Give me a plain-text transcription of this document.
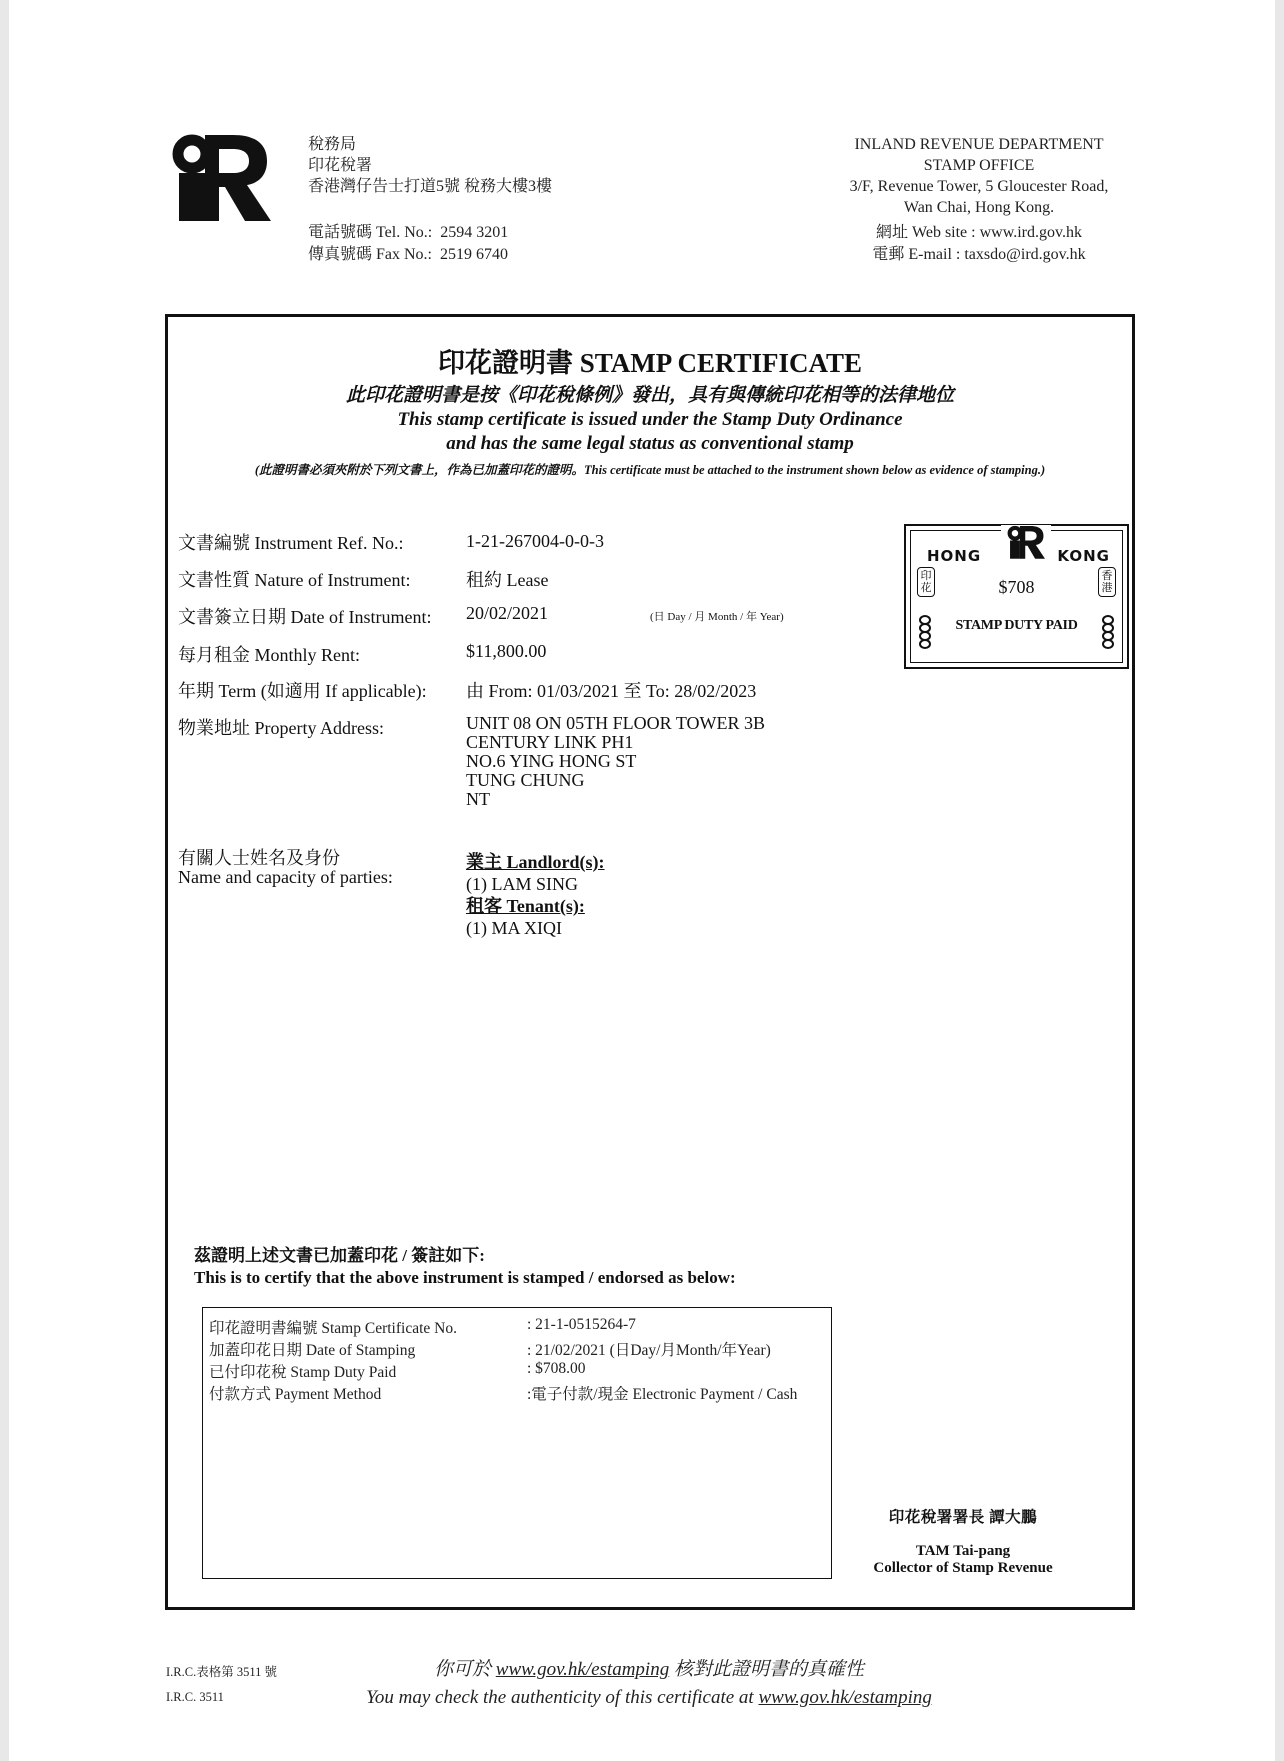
稅務局
印花稅署
香港灣仔告士打道5號 稅務大樓3樓
電話號碼 Tel. No.: 2594 3201
傳真號碼 Fax No.: 2519 6740
INLAND REVENUE DEPARTMENT
STAMP OFFICE
3/F, Revenue Tower, 5 Gloucester Road,
Wan Chai, Hong Kong.
網址 Web site : www.ird.gov.hk
電郵 E-mail : taxsdo@ird.gov.hk
印花證明書 STAMP CERTIFICATE
此印花證明書是按《印花稅條例》發出，具有與傳統印花相等的法律地位
This stamp certificate is issued under the Stamp Duty Ordinance
and has the same legal status as conventional stamp
(此證明書必須夾附於下列文書上，作為已加蓋印花的證明。This certificate must be attached to the instrument shown below as evidence of stamping.)
文書編號 Instrument Ref. No.:	1-21-267004-0-0-3
文書性質 Nature of Instrument:	租約 Lease
文書簽立日期 Date of Instrument:	20/02/2021	(日 Day / 月 Month / 年 Year)
每月租金 Monthly Rent:	$11,800.00
年期 Term (如適用 If applicable):	由 From: 01/03/2021 至 To: 28/02/2023
物業地址 Property Address:	UNIT 08 ON 05TH FLOOR TOWER 3B
CENTURY LINK PH1
NO.6 YING HONG ST
TUNG CHUNG
NT
有關人士姓名及身份
Name and capacity of parties:
業主 Landlord(s):
(1) LAM SING
租客 Tenant(s):
(1) MA XIQI
HONG	KONG
$708
STAMP DUTY PAID
印花
香港
茲證明上述文書已加蓋印花 / 簽註如下:
This is to certify that the above instrument is stamped / endorsed as below:
印花證明書編號 Stamp Certificate No.	: 21-1-0515264-7
加蓋印花日期 Date of Stamping	: 21/02/2021 (日Day/月Month/年Year)
已付印花稅 Stamp Duty Paid	: $708.00
付款方式 Payment Method	:電子付款/現金 Electronic Payment / Cash
印花稅署署長 譚大鵬
TAM Tai-pang
Collector of Stamp Revenue
I.R.C.表格第 3511 號
I.R.C. 3511
你可於 www.gov.hk/estamping 核對此證明書的真確性
You may check the authenticity of this certificate at www.gov.hk/estamping
